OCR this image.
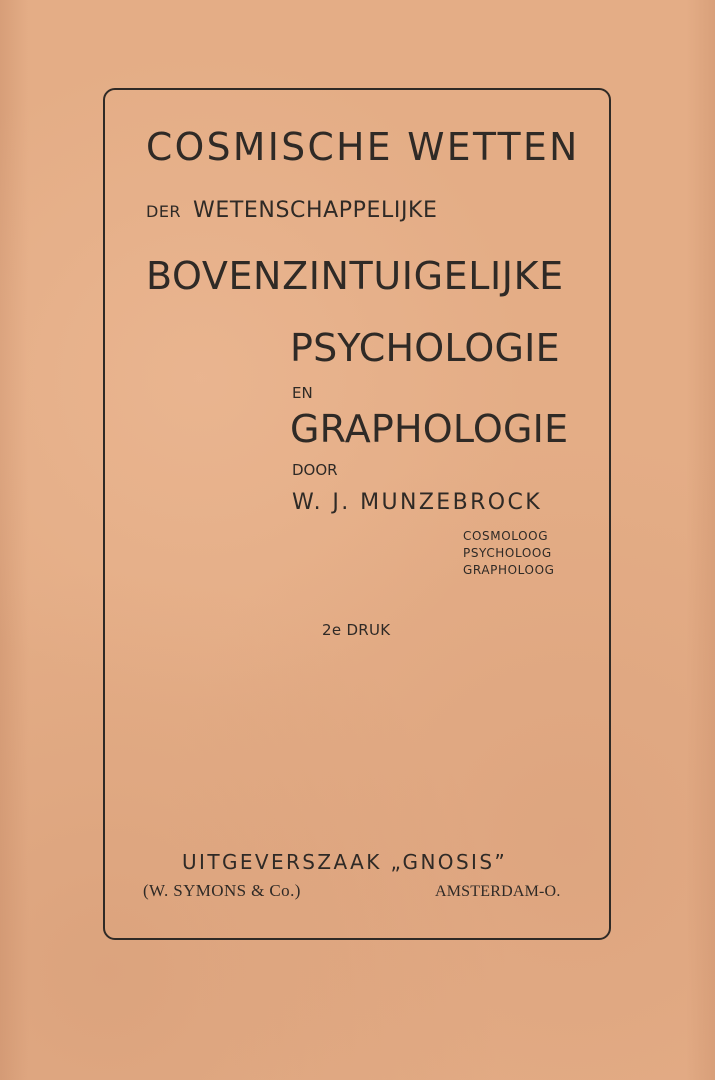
COSMISCHE WETTEN
DER WETENSCHAPPELIJKE
BOVENZINTUIGELIJKE
PSYCHOLOGIE
EN
GRAPHOLOGIE
DOOR
W. J. MUNZEBROCK
COSMOLOOG
PSYCHOLOOG
GRAPHOLOOG
2e DRUK
UITGEVERSZAAK „GNOSIS”
(W. SYMONS & Co.)	AMSTERDAM-O.
